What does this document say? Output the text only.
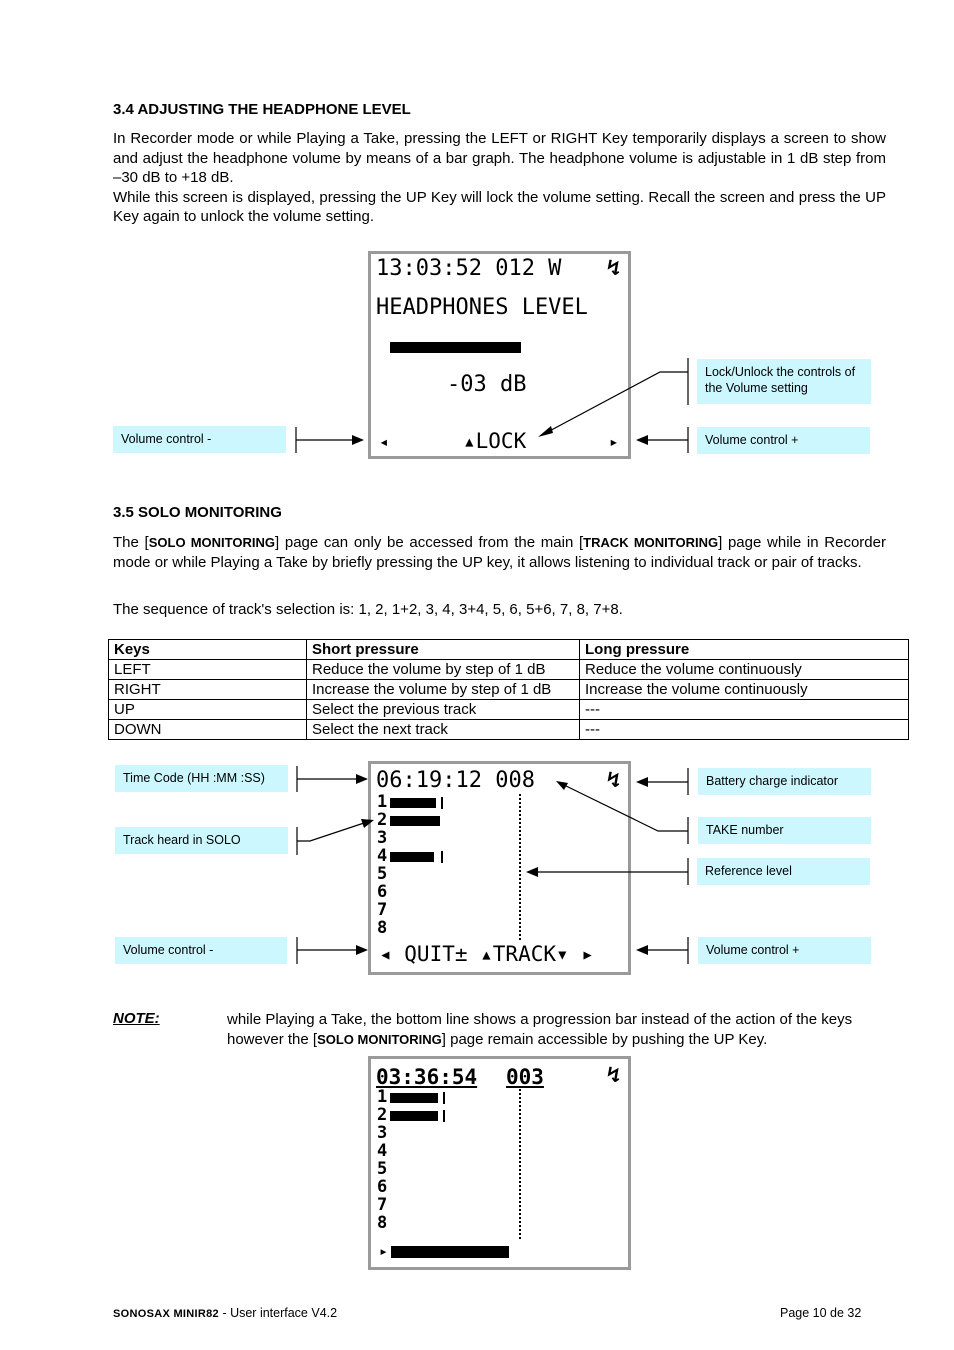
3.4 ADJUSTING THE HEADPHONE LEVEL
In Recorder mode or while Playing a Take, pressing the LEFT or RIGHT Key temporarily displays a screen to show and adjust the headphone volume by means of a bar graph. The headphone volume is adjustable in 1 dB step from –30 dB to +18 dB.
While this screen is displayed, pressing the UP Key will lock the volume setting. Recall the screen and press the UP Key again to unlock the volume setting.
13:03:52 012 W ↯
HEADPHONES LEVEL
-03 dB
◂	▴LOCK	▸
Lock/Unlock the controls of the Volume setting
Volume control -	Volume control +
3.5 SOLO MONITORING
The [SOLO MONITORING] page can only be accessed from the main [TRACK MONITORING] page while in Recorder mode or while Playing a Take by briefly pressing the UP key, it allows listening to individual track or pair of tracks.
The sequence of track's selection is: 1, 2, 1+2, 3, 4, 3+4, 5, 6, 5+6, 7, 8, 7+8.
Keys	Short pressure	Long pressure
LEFT	Reduce the volume by step of 1 dB	Reduce the volume continuously
RIGHT	Increase the volume by step of 1 dB	Increase the volume continuously
UP	Select the previous track	---
DOWN	Select the next track	---
06:19:12 008	↯
1
2
3
4
5
6
7
8
◂ QUIT± ▴TRACK▾ ▸
Time Code (HH :MM :SS)
Track heard in SOLO
Volume control -
Battery charge indicator
TAKE number
Reference level
Volume control +
NOTE:	while Playing a Take, the bottom line shows a progression bar instead of the action of the keys however the [SOLO MONITORING] page remain accessible by pushing the UP Key.
03:36:54 003	↯
1
2
3
4
5
6
7
8
▸
SONOSAX MINIR82 - User interface V4.2	Page 10 de 32
